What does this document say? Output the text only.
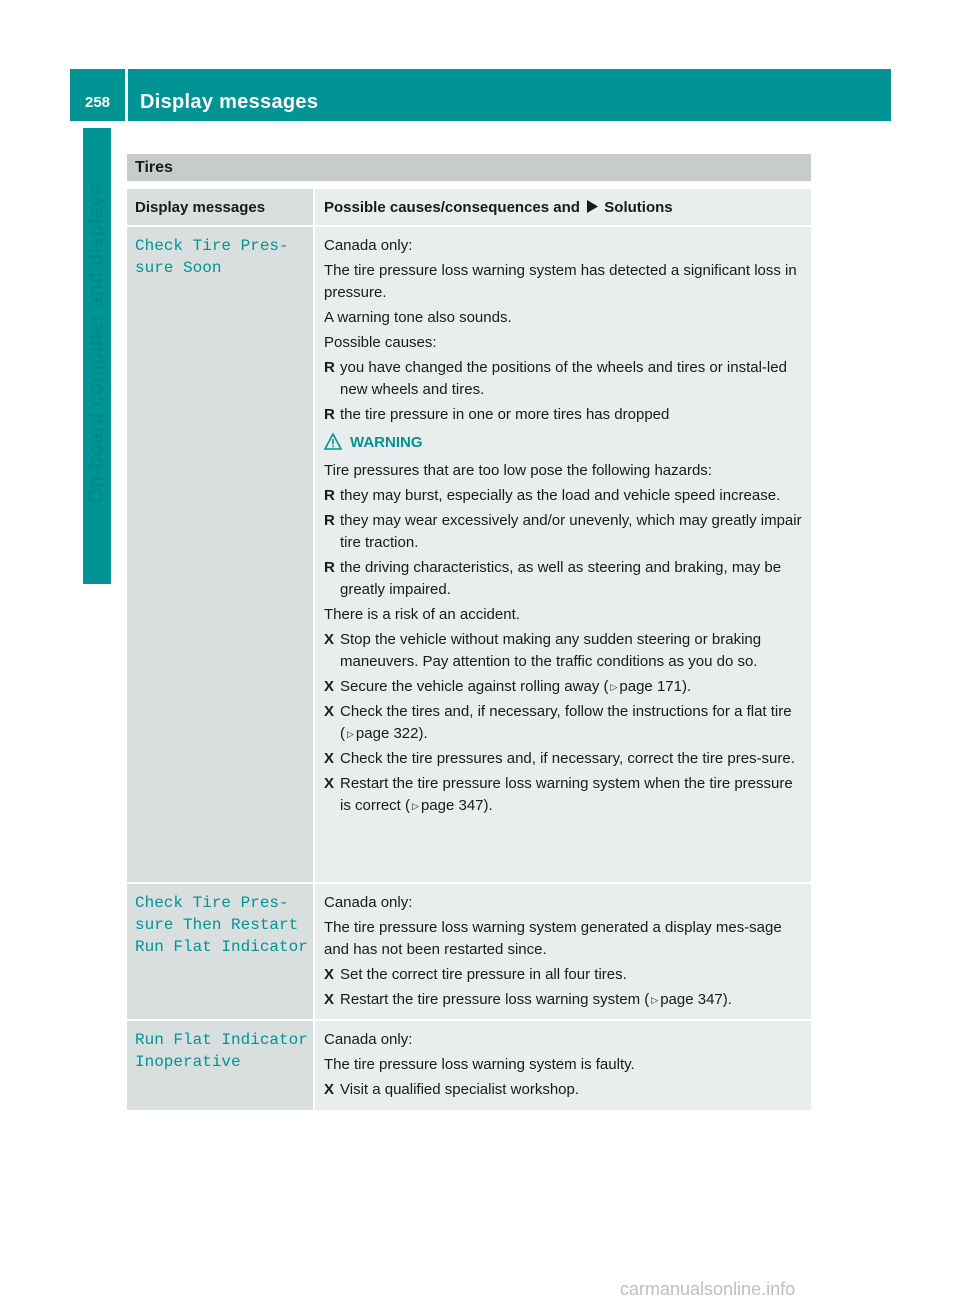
258	Display messages
On-board computer and displays
Tires
Display messages	Possible causes/consequences and Solutions
Check Tire Pres‐
sure Soon
Canada only:
The tire pressure loss warning system has detected a significant loss in pressure.
A warning tone also sounds.
Possible causes:
R you have changed the positions of the wheels and tires or instal‐led new wheels and tires.
R the tire pressure in one or more tires has dropped
WARNING
Tire pressures that are too low pose the following hazards:
R they may burst, especially as the load and vehicle speed increase.
R they may wear excessively and/or unevenly, which may greatly impair tire traction.
R the driving characteristics, as well as steering and braking, may be greatly impaired.
There is a risk of an accident.
X Stop the vehicle without making any sudden steering or braking maneuvers. Pay attention to the traffic conditions as you do so.
X Secure the vehicle against rolling away ( ▷ page 171).
X Check the tires and, if necessary, follow the instructions for a flat tire ( ▷ page 322).
X Check the tire pressures and, if necessary, correct the tire pres‐sure.
X Restart the tire pressure loss warning system when the tire pressure is correct ( ▷ page 347).
Check Tire Pres‐
sure Then Restart
Run Flat Indicator
Canada only:
The tire pressure loss warning system generated a display mes‐sage and has not been restarted since.
X Set the correct tire pressure in all four tires.
X Restart the tire pressure loss warning system ( ▷ page 347).
Run Flat Indicator
Inoperative
Canada only:
The tire pressure loss warning system is faulty.
X Visit a qualified specialist workshop.
carmanualsonline.info
